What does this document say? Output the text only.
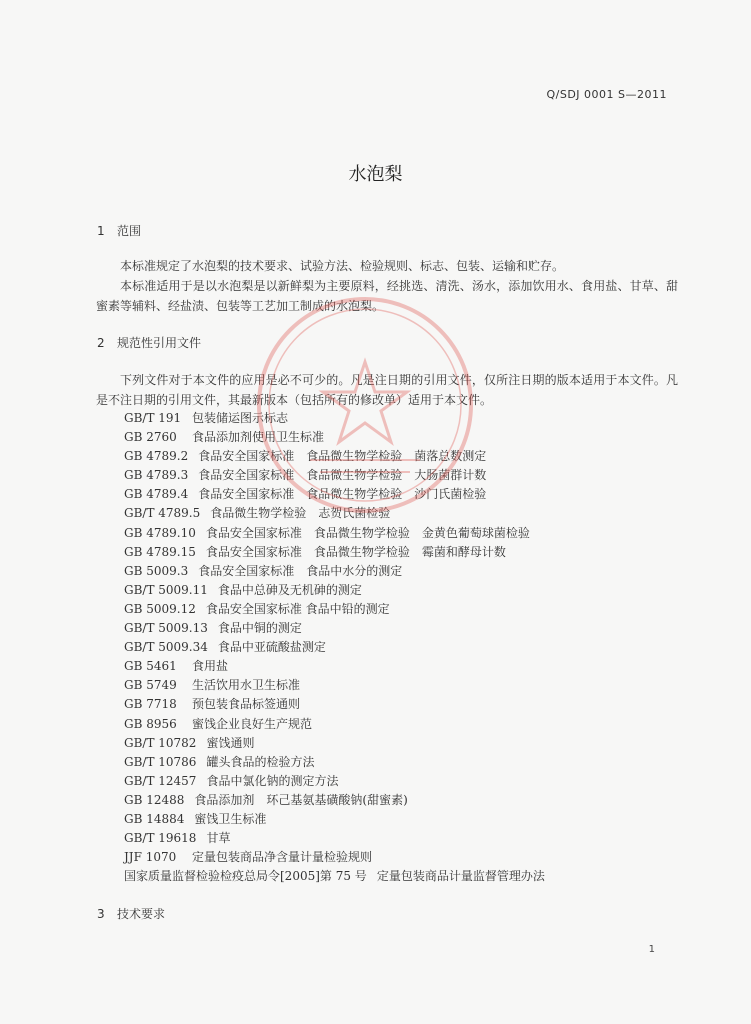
Q/SDJ 0001 S—2011
水泡梨
1 范围
本标准规定了水泡梨的技术要求、试验方法、检验规则、标志、包装、运输和贮存。
本标准适用于是以水泡梨是以新鲜梨为主要原料，经挑选、清洗、汤水，添加饮用水、食用盐、甘草、甜蜜素等辅料、经盐渍、包装等工艺加工制成的水泡梨。
2 规范性引用文件
下列文件对于本文件的应用是必不可少的。凡是注日期的引用文件，仅所注日期的版本适用于本文件。凡是不注日期的引用文件，其最新版本（包括所有的修改单）适用于本文件。
GB/T 191 包装储运图示标志
GB 2760 食品添加剂使用卫生标准
GB 4789.2 食品安全国家标准　食品微生物学检验　菌落总数测定
GB 4789.3 食品安全国家标准　食品微生物学检验　大肠菌群计数
GB 4789.4 食品安全国家标准　食品微生物学检验　沙门氏菌检验
GB/T 4789.5 食品微生物学检验　志贺氏菌检验
GB 4789.10 食品安全国家标准　食品微生物学检验　金黄色葡萄球菌检验
GB 4789.15 食品安全国家标准　食品微生物学检验　霉菌和酵母计数
GB 5009.3 食品安全国家标准　食品中水分的测定
GB/T 5009.11 食品中总砷及无机砷的测定
GB 5009.12 食品安全国家标准 食品中铅的测定
GB/T 5009.13 食品中铜的测定
GB/T 5009.34 食品中亚硫酸盐测定
GB 5461 食用盐
GB 5749 生活饮用水卫生标准
GB 7718 预包装食品标签通则
GB 8956 蜜饯企业良好生产规范
GB/T 10782 蜜饯通则
GB/T 10786 罐头食品的检验方法
GB/T 12457 食品中氯化钠的测定方法
GB 12488 食品添加剂　环己基氨基磺酸钠(甜蜜素)
GB 14884 蜜饯卫生标准
GB/T 19618 甘草
JJF 1070 定量包装商品净含量计量检验规则
国家质量监督检验检疫总局令[2005]第 75 号 定量包装商品计量监督管理办法
3 技术要求
1
